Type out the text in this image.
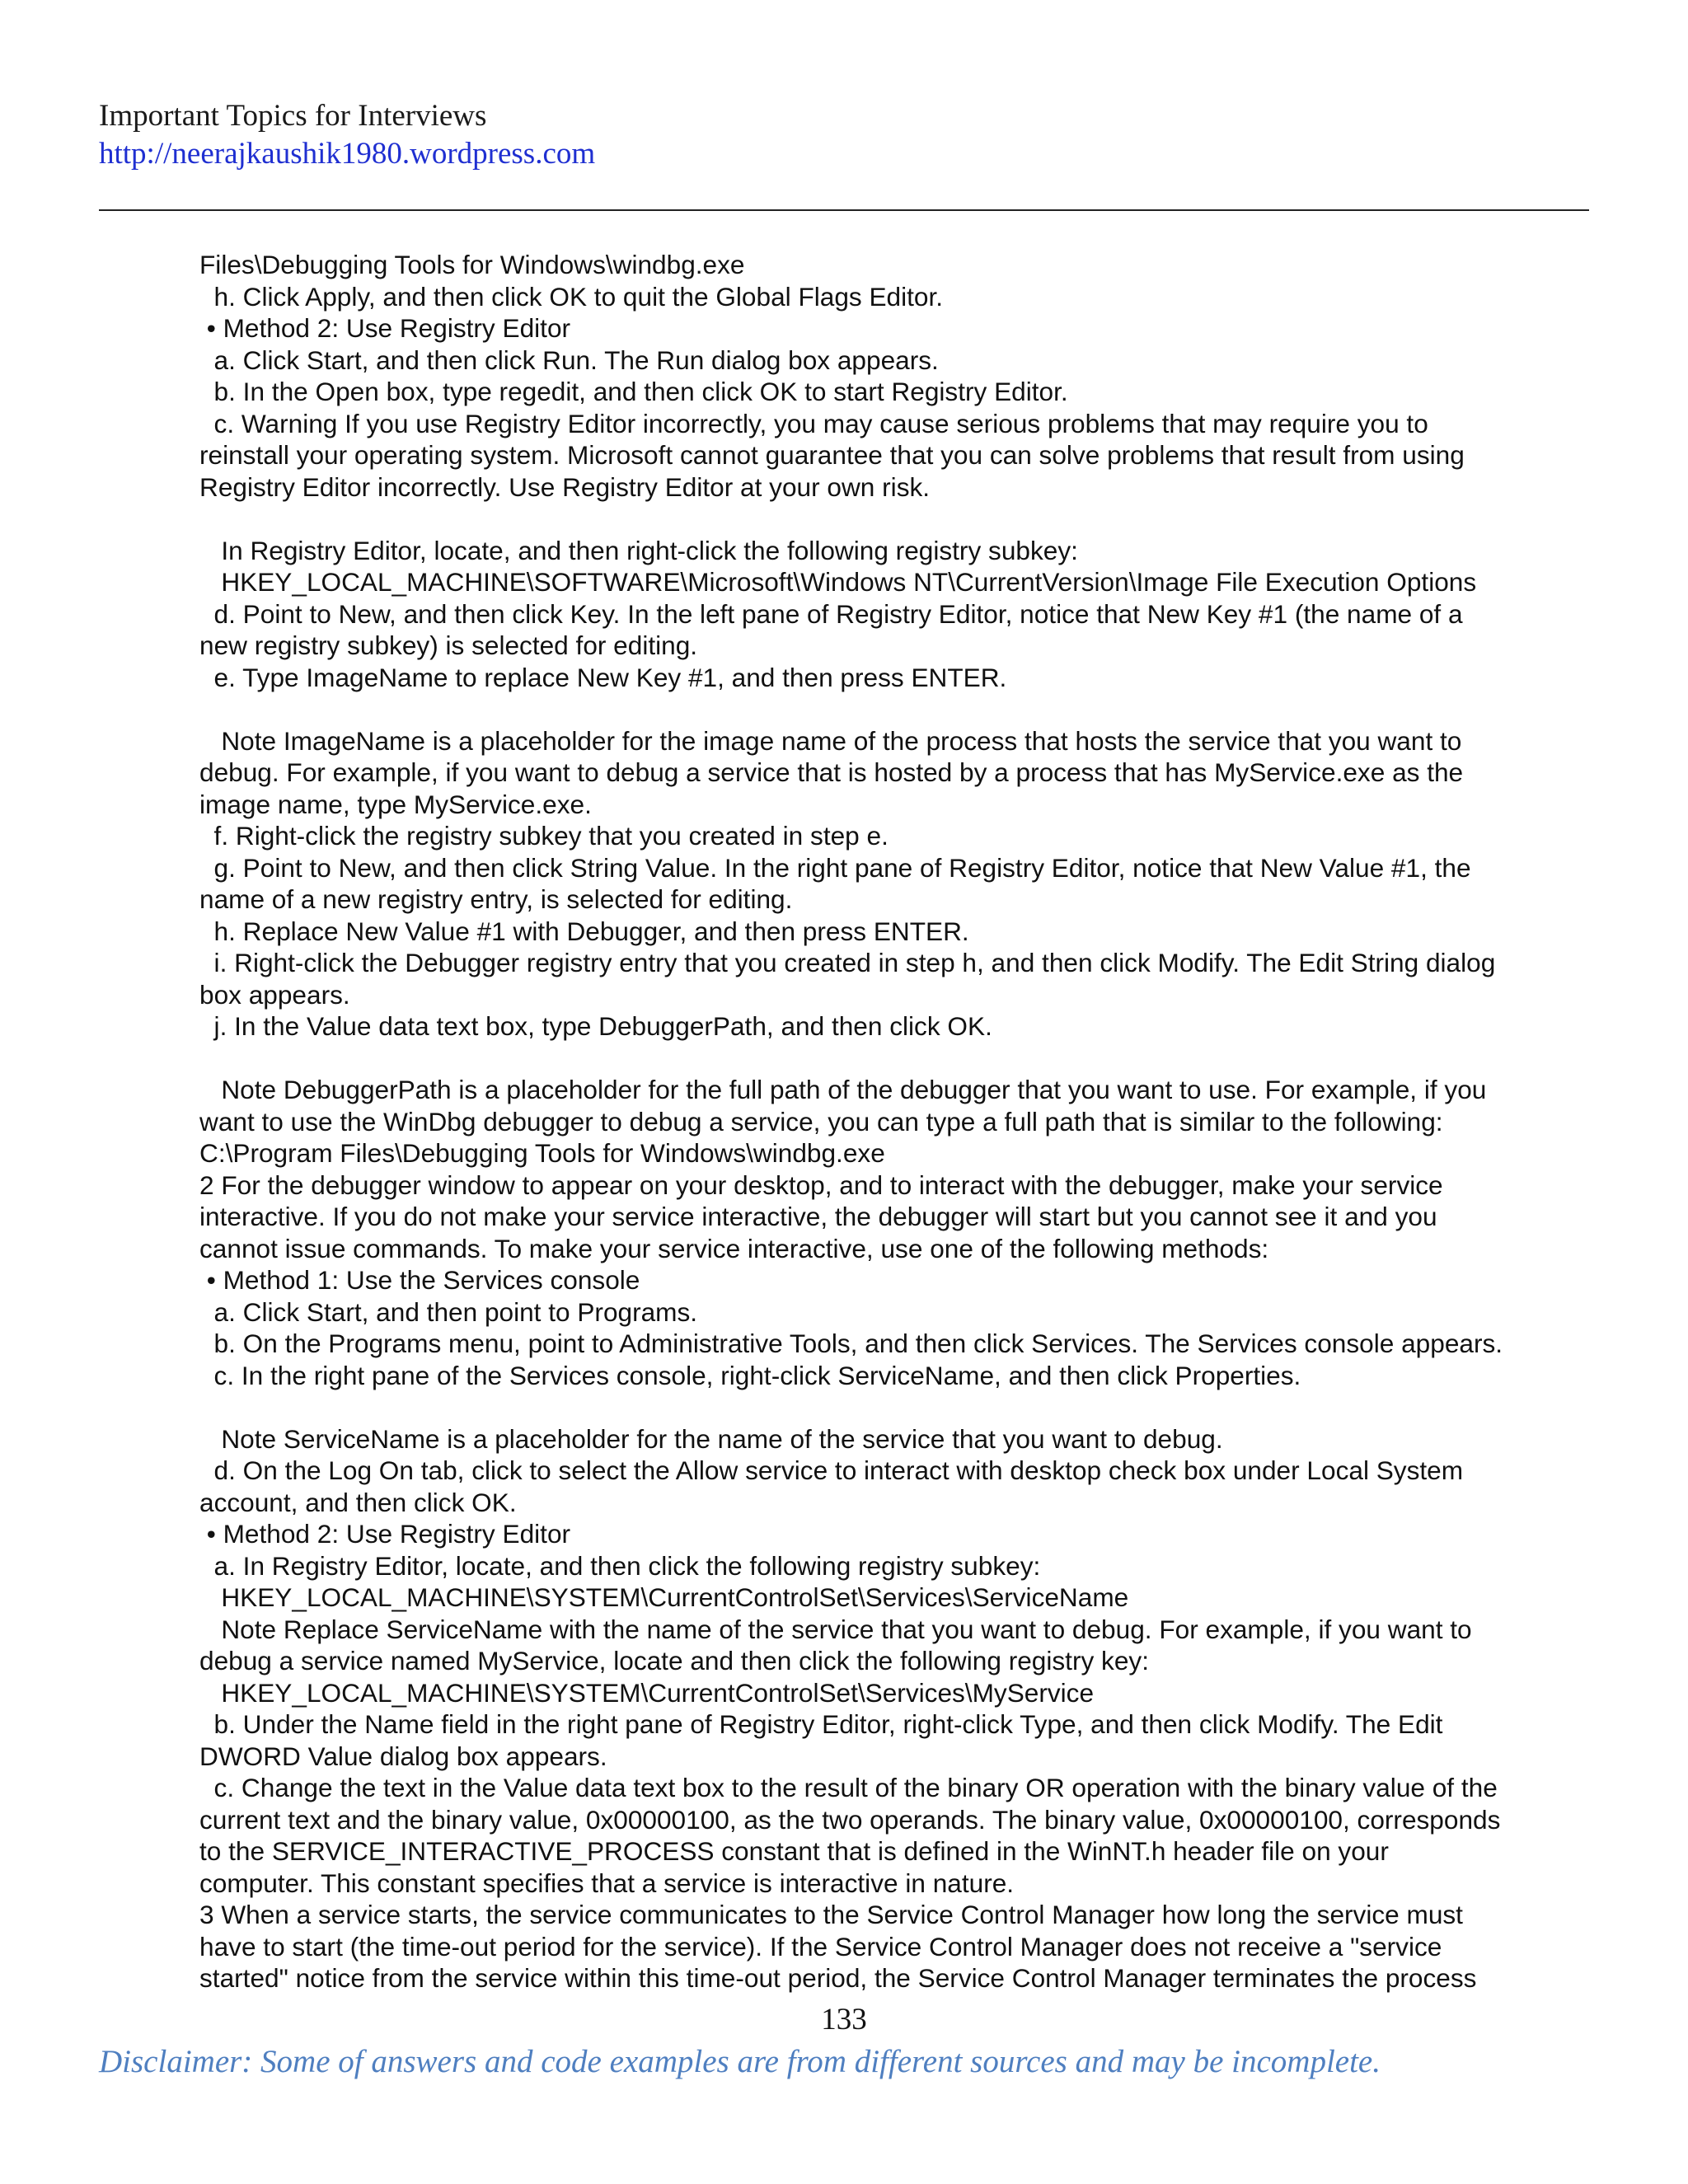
Important Topics for Interviews
http://neerajkaushik1980.wordpress.com
Files\Debugging Tools for Windows\windbg.exe
h. Click Apply, and then click OK to quit the Global Flags Editor.
• Method 2: Use Registry Editor
a. Click Start, and then click Run. The Run dialog box appears.
b. In the Open box, type regedit, and then click OK to start Registry Editor.
c. Warning If you use Registry Editor incorrectly, you may cause serious problems that may require you to
reinstall your operating system. Microsoft cannot guarantee that you can solve problems that result from using
Registry Editor incorrectly. Use Registry Editor at your own risk.
In Registry Editor, locate, and then right-click the following registry subkey:
HKEY_LOCAL_MACHINE\SOFTWARE\Microsoft\Windows NT\CurrentVersion\Image File Execution Options
d. Point to New, and then click Key. In the left pane of Registry Editor, notice that New Key #1 (the name of a
new registry subkey) is selected for editing.
e. Type ImageName to replace New Key #1, and then press ENTER.
Note ImageName is a placeholder for the image name of the process that hosts the service that you want to
debug. For example, if you want to debug a service that is hosted by a process that has MyService.exe as the
image name, type MyService.exe.
f. Right-click the registry subkey that you created in step e.
g. Point to New, and then click String Value. In the right pane of Registry Editor, notice that New Value #1, the
name of a new registry entry, is selected for editing.
h. Replace New Value #1 with Debugger, and then press ENTER.
i. Right-click the Debugger registry entry that you created in step h, and then click Modify. The Edit String dialog
box appears.
j. In the Value data text box, type DebuggerPath, and then click OK.
Note DebuggerPath is a placeholder for the full path of the debugger that you want to use. For example, if you
want to use the WinDbg debugger to debug a service, you can type a full path that is similar to the following:
C:\Program Files\Debugging Tools for Windows\windbg.exe
2 For the debugger window to appear on your desktop, and to interact with the debugger, make your service
interactive. If you do not make your service interactive, the debugger will start but you cannot see it and you
cannot issue commands. To make your service interactive, use one of the following methods:
• Method 1: Use the Services console
a. Click Start, and then point to Programs.
b. On the Programs menu, point to Administrative Tools, and then click Services. The Services console appears.
c. In the right pane of the Services console, right-click ServiceName, and then click Properties.
Note ServiceName is a placeholder for the name of the service that you want to debug.
d. On the Log On tab, click to select the Allow service to interact with desktop check box under Local System
account, and then click OK.
• Method 2: Use Registry Editor
a. In Registry Editor, locate, and then click the following registry subkey:
HKEY_LOCAL_MACHINE\SYSTEM\CurrentControlSet\Services\ServiceName
Note Replace ServiceName with the name of the service that you want to debug. For example, if you want to
debug a service named MyService, locate and then click the following registry key:
HKEY_LOCAL_MACHINE\SYSTEM\CurrentControlSet\Services\MyService
b. Under the Name field in the right pane of Registry Editor, right-click Type, and then click Modify. The Edit
DWORD Value dialog box appears.
c. Change the text in the Value data text box to the result of the binary OR operation with the binary value of the
current text and the binary value, 0x00000100, as the two operands. The binary value, 0x00000100, corresponds
to the SERVICE_INTERACTIVE_PROCESS constant that is defined in the WinNT.h header file on your
computer. This constant specifies that a service is interactive in nature.
3 When a service starts, the service communicates to the Service Control Manager how long the service must
have to start (the time-out period for the service). If the Service Control Manager does not receive a "service
started" notice from the service within this time-out period, the Service Control Manager terminates the process
133
Disclaimer: Some of answers and code examples are from different sources and may be incomplete.
